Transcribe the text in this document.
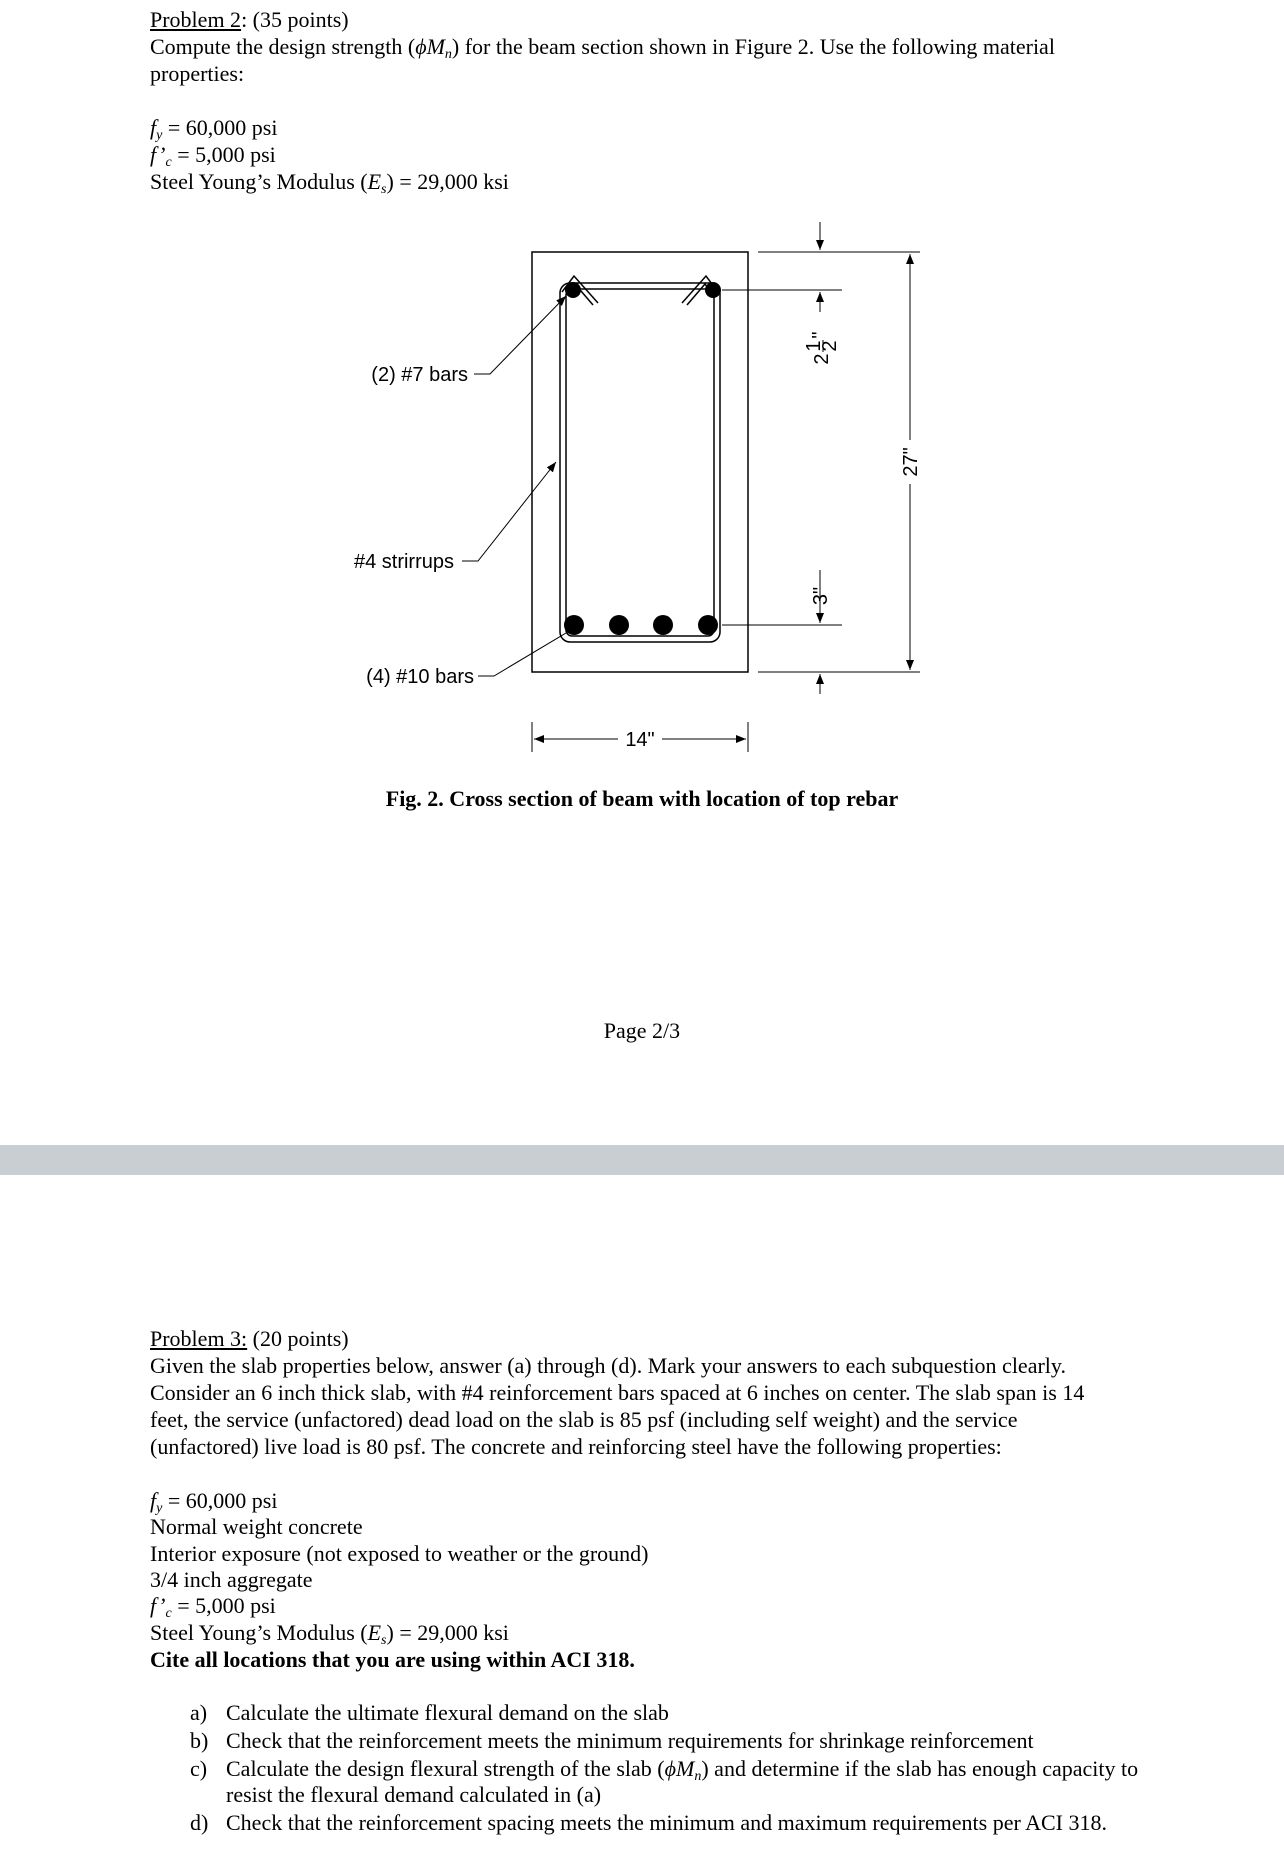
Problem 2: (35 points)
Compute the design strength $(\phi M_n)$ for the beam section shown in Figure 2. Use the following material
properties:
$f_y = 60,000$ psi
$f’_c = 5,000$ psi
Steel Young’s Modulus $(E_s) = 29,000$ ksi
(2) #7 bars
#4 strirrups
(4) #10 bars
14"
27"
2
1
2
"
3"
Fig. 2. Cross section of beam with location of top rebar
Page 2/3
Problem 3: (20 points)
Given the slab properties below, answer (a) through (d). Mark your answers to each subquestion clearly.
Consider an 6 inch thick slab, with #4 reinforcement bars spaced at 6 inches on center. The slab span is 14
feet, the service (unfactored) dead load on the slab is 85 psf (including self weight) and the service
(unfactored) live load is 80 psf. The concrete and reinforcing steel have the following properties:
$f_y = 60,000$ psi
Normal weight concrete
Interior exposure (not exposed to weather or the ground)
3/4 inch aggregate
$f’_c = 5,000$ psi
Steel Young’s Modulus $(E_s) = 29,000$ ksi
Cite all locations that you are using within ACI 318.
a) Calculate the ultimate flexural demand on the slab
b) Check that the reinforcement meets the minimum requirements for shrinkage reinforcement
c) Calculate the design flexural strength of the slab $(\phi M_n)$ and determine if the slab has enough capacity to resist the flexural demand calculated in (a)
d) Check that the reinforcement spacing meets the minimum and maximum requirements per ACI 318.
